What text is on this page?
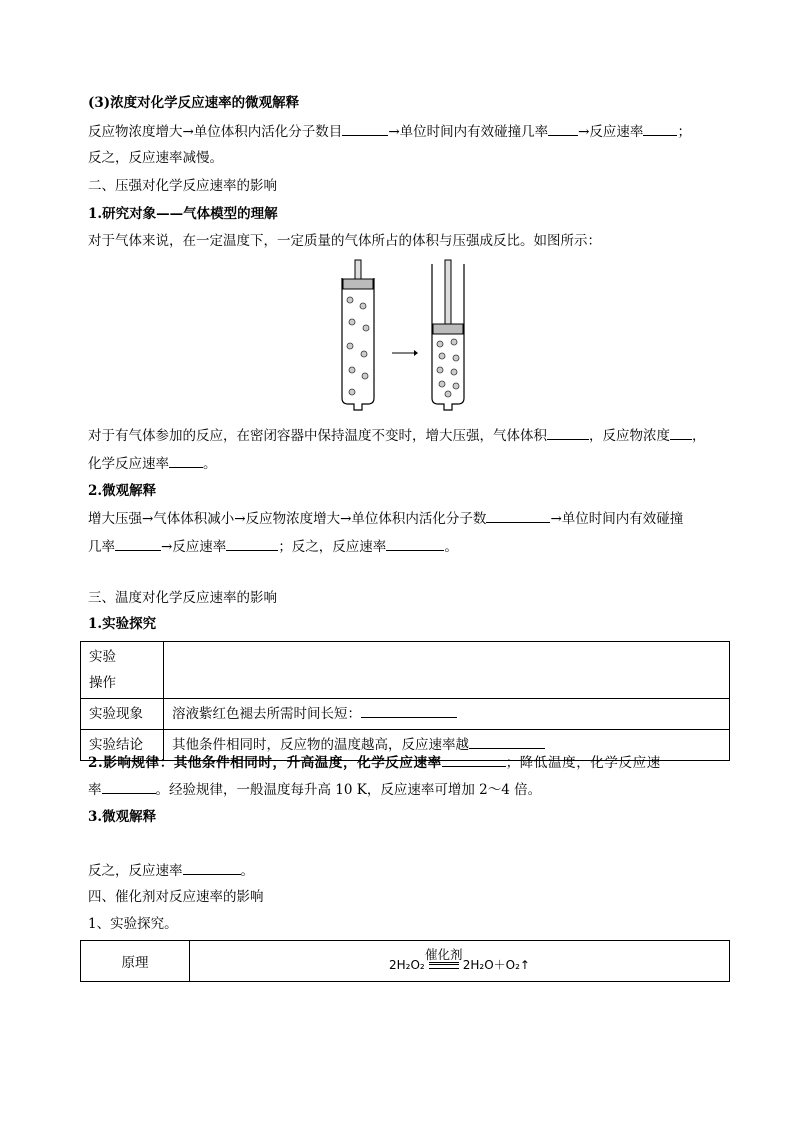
(3)浓度对化学反应速率的微观解释
反应物浓度增大→单位体积内活化分子数目	→单位时间内有效碰撞几率 →反应速率	；
反之，反应速率减慢。
二、压强对化学反应速率的影响
1.研究对象——气体模型的理解
对于气体来说，在一定温度下，一定质量的气体所占的体积与压强成反比。如图所示：
对于有气体参加的反应，在密闭容器中保持温度不变时，增大压强，气体体积	，反应物浓度 ，
化学反应速率	。
2.微观解释
增大压强→气体体积减小→反应物浓度增大→单位体积内活化分子数	→单位时间内有效碰撞
几率	→反应速率	；反之，反应速率	。
三、温度对化学反应速率的影响
1.实验探究
实验
操作	
实验现象	溶液紫红色褪去所需时间长短：
实验结论	其他条件相同时，反应物的温度越高，反应速率越
2.影响规律：其他条件相同时，升高温度，化学反应速率	；降低温度，化学反应速
率	。经验规律，一般温度每升高 10 K，反应速率可增加 2～4 倍。
3.微观解释
反之，反应速率	。
四、催化剂对反应速率的影响
1、实验探究。
原理	2H₂O₂
催化剂
2H₂O＋O₂↑
